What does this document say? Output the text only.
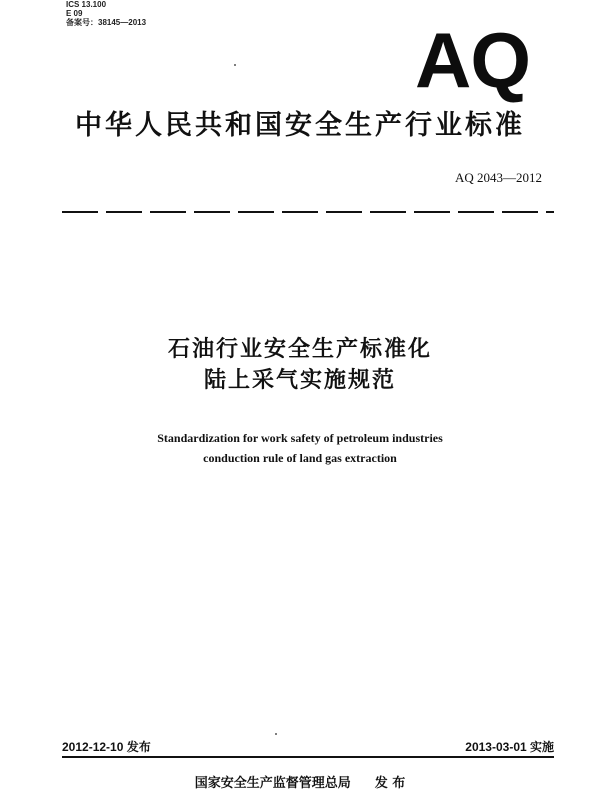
ICS 13.100
E 09
备案号：38145—2013	AQ
中华人民共和国安全生产行业标准
AQ 2043—2012
石油行业安全生产标准化
陆上采气实施规范
Standardization for work safety of petroleum industries
conduction rule of land gas extraction
2012-12-10 发布	2013-03-01 实施
国家安全生产监督管理总局 发 布
